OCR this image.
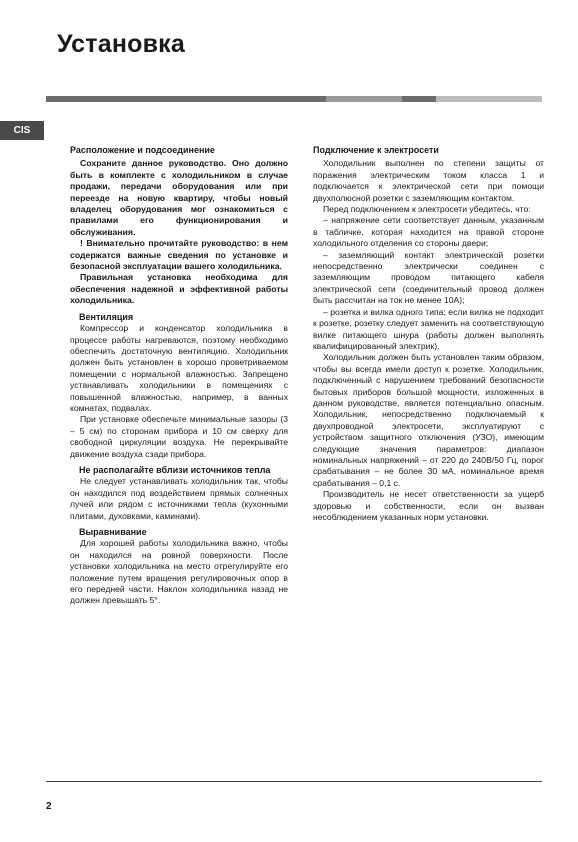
Установка
CIS
Расположение и подсоединение

Сохраните данное руководство. Оно должно быть в комплекте с холодильником в случае продажи, передачи оборудования или при переезде на новую квартиру, чтобы новый владелец оборудования мог ознакомиться с правилами его функционирования и обслуживания.

! Внимательно прочитайте руководство: в нем содержатся важные сведения по установке и безопасной эксплуатации вашего холодильника.

Правильная установка необходима для обеспечения надежной и эффективной работы холодильника.

Вентиляция

Компрессор и конденсатор холодильника в процессе работы нагреваются, поэтому необходимо обеспечить достаточную вентиляцию. Холодильник должен быть установлен в хорошо проветриваемом помещении с нормальной влажностью. Запрещено устанавливать холодильники в помещениях с повышенной влажностью, например, в ванных комнатах, подвалах.

При установке обеспечьте минимальные зазоры (3 – 5 см) по сторонам прибора и 10 см сверху для свободной циркуляции воздуха. Не перекрывайте движение воздуха сзади прибора.

Не располагайте вблизи источников тепла

Не следует устанавливать холодильник так, чтобы он находился под воздействием прямых солнечных лучей или рядом с источниками тепла (кухонными плитами, духовками, каминами).

Выравнивание

Для хорошей работы холодильника важно, чтобы он находился на ровной поверхности. После установки холодильника на место отрегулируйте его положение путем вращения регулировочных опор в его передней части. Наклон холодильника назад не должен превышать 5°.

Подключение к электросети

Холодильник выполнен по степени защиты от поражения электрическим током класса 1 и подключается к электрической сети при помощи двухполюсной розетки с заземляющим контактом.

Перед подключением к электросети убедитесь, что:

– напряжение сети соответствует данным, указанным в табличке, которая находится на правой стороне холодильного отделения со стороны двери;

– заземляющий контакт электрической розетки непосредственно электрически соединен с заземляющим проводом питающего кабеля электрической сети (соединительный провод должен быть рассчитан на ток не менее 10А);

– розетка и вилка одного типа; если вилка не подходит к розетке, розетку следует заменить на соответствующую вилке питающего шнура (работы должен выполнять квалифицированный электрик).

Холодильник должен быть установлен таким образом, чтобы вы всегда имели доступ к розетке. Холодильник, подключенный с нарушением требований безопасности бытовых приборов большой мощности, изложенных в данном руководстве, является потенциально опасным. Холодильник, непосредственно подключаемый к двухпроводной электросети, эксплуатируют с устройством защитного отключения (УЗО), имеющим следующие значения параметров: диапазон номинальных напряжений – от 220 до 240В/50 Гц, порог срабатывания – не более 30 мА, номинальное время срабатывания – 0,1 с.

Производитель не несет ответственности за ущерб здоровью и собственности, если он вызван несоблюдением указанных норм установки.

2
